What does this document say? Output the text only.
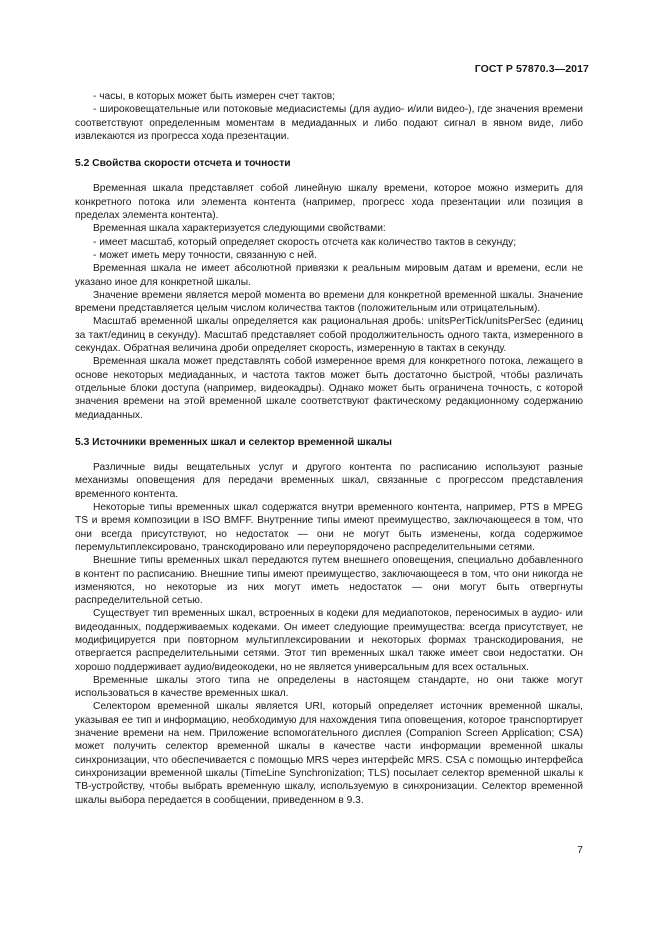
ГОСТ Р 57870.3—2017

- часы, в которых может быть измерен счет тактов;

- широковещательные или потоковые медиасистемы (для аудио- и/или видео-), где значения времени соответствуют определенным моментам в медиаданных и либо подают сигнал в явном виде, либо извлекаются из прогресса хода презентации.

5.2 Свойства скорости отсчета и точности

Временная шкала представляет собой линейную шкалу времени, которое можно измерить для конкретного потока или элемента контента (например, прогресс хода презентации или позиция в пределах элемента контента).

Временная шкала характеризуется следующими свойствами:

- имеет масштаб, который определяет скорость отсчета как количество тактов в секунду;

- может иметь меру точности, связанную с ней.

Временная шкала не имеет абсолютной привязки к реальным мировым датам и времени, если не указано иное для конкретной шкалы.

Значение времени является мерой момента во времени для конкретной временной шкалы. Значение времени представляется целым числом количества тактов (положительным или отрицательным).

Масштаб временной шкалы определяется как рациональная дробь: unitsPerTick/unitsPerSec (единиц за такт/единиц в секунду). Масштаб представляет собой продолжительность одного такта, измеренного в секундах. Обратная величина дроби определяет скорость, измеренную в тактах в секунду.

Временная шкала может представлять собой измеренное время для конкретного потока, лежащего в основе некоторых медиаданных, и частота тактов может быть достаточно быстрой, чтобы различать отдельные блоки доступа (например, видеокадры). Однако может быть ограничена точность, с которой значения времени на этой временной шкале соответствуют фактическому редакционному содержанию медиаданных.

5.3 Источники временных шкал и селектор временной шкалы

Различные виды вещательных услуг и другого контента по расписанию используют разные механизмы оповещения для передачи временных шкал, связанные с прогрессом представления временного контента.

Некоторые типы временных шкал содержатся внутри временного контента, например, PTS в MPEG TS и время композиции в ISO BMFF. Внутренние типы имеют преимущество, заключающееся в том, что они всегда присутствуют, но недостаток — они не могут быть изменены, когда содержимое перемультиплексировано, транскодировано или переупорядочено распределительными сетями.

Внешние типы временных шкал передаются путем внешнего оповещения, специально добавленного в контент по расписанию. Внешние типы имеют преимущество, заключающееся в том, что они никогда не изменяются, но некоторые из них могут иметь недостаток — они могут быть отвергнуты распределительной сетью.

Существует тип временных шкал, встроенных в кодеки для медиапотоков, переносимых в аудио- или видеоданных, поддерживаемых кодеками. Он имеет следующие преимущества: всегда присутствует, не модифицируется при повторном мультиплексировании и некоторых формах транскодирования, не отвергается распределительными сетями. Этот тип временных шкал также имеет свои недостатки. Он хорошо поддерживает аудио/видеокодеки, но не является универсальным для всех остальных.

Временные шкалы этого типа не определены в настоящем стандарте, но они также могут использоваться в качестве временных шкал.

Селектором временной шкалы является URI, который определяет источник временной шкалы, указывая ее тип и информацию, необходимую для нахождения типа оповещения, которое транспортирует значение времени на нем. Приложение вспомогательного дисплея (Companion Screen Application; CSA) может получить селектор временной шкалы в качестве части информации временной шкалы синхронизации, что обеспечивается с помощью MRS через интерфейс MRS. CSA с помощью интерфейса синхронизации временной шкалы (TimeLine Synchronization; TLS) посылает селектор временной шкалы к ТВ-устройству, чтобы выбрать временную шкалу, используемую в синхронизации. Селектор временной шкалы выбора передается в сообщении, приведенном в 9.3.

7
